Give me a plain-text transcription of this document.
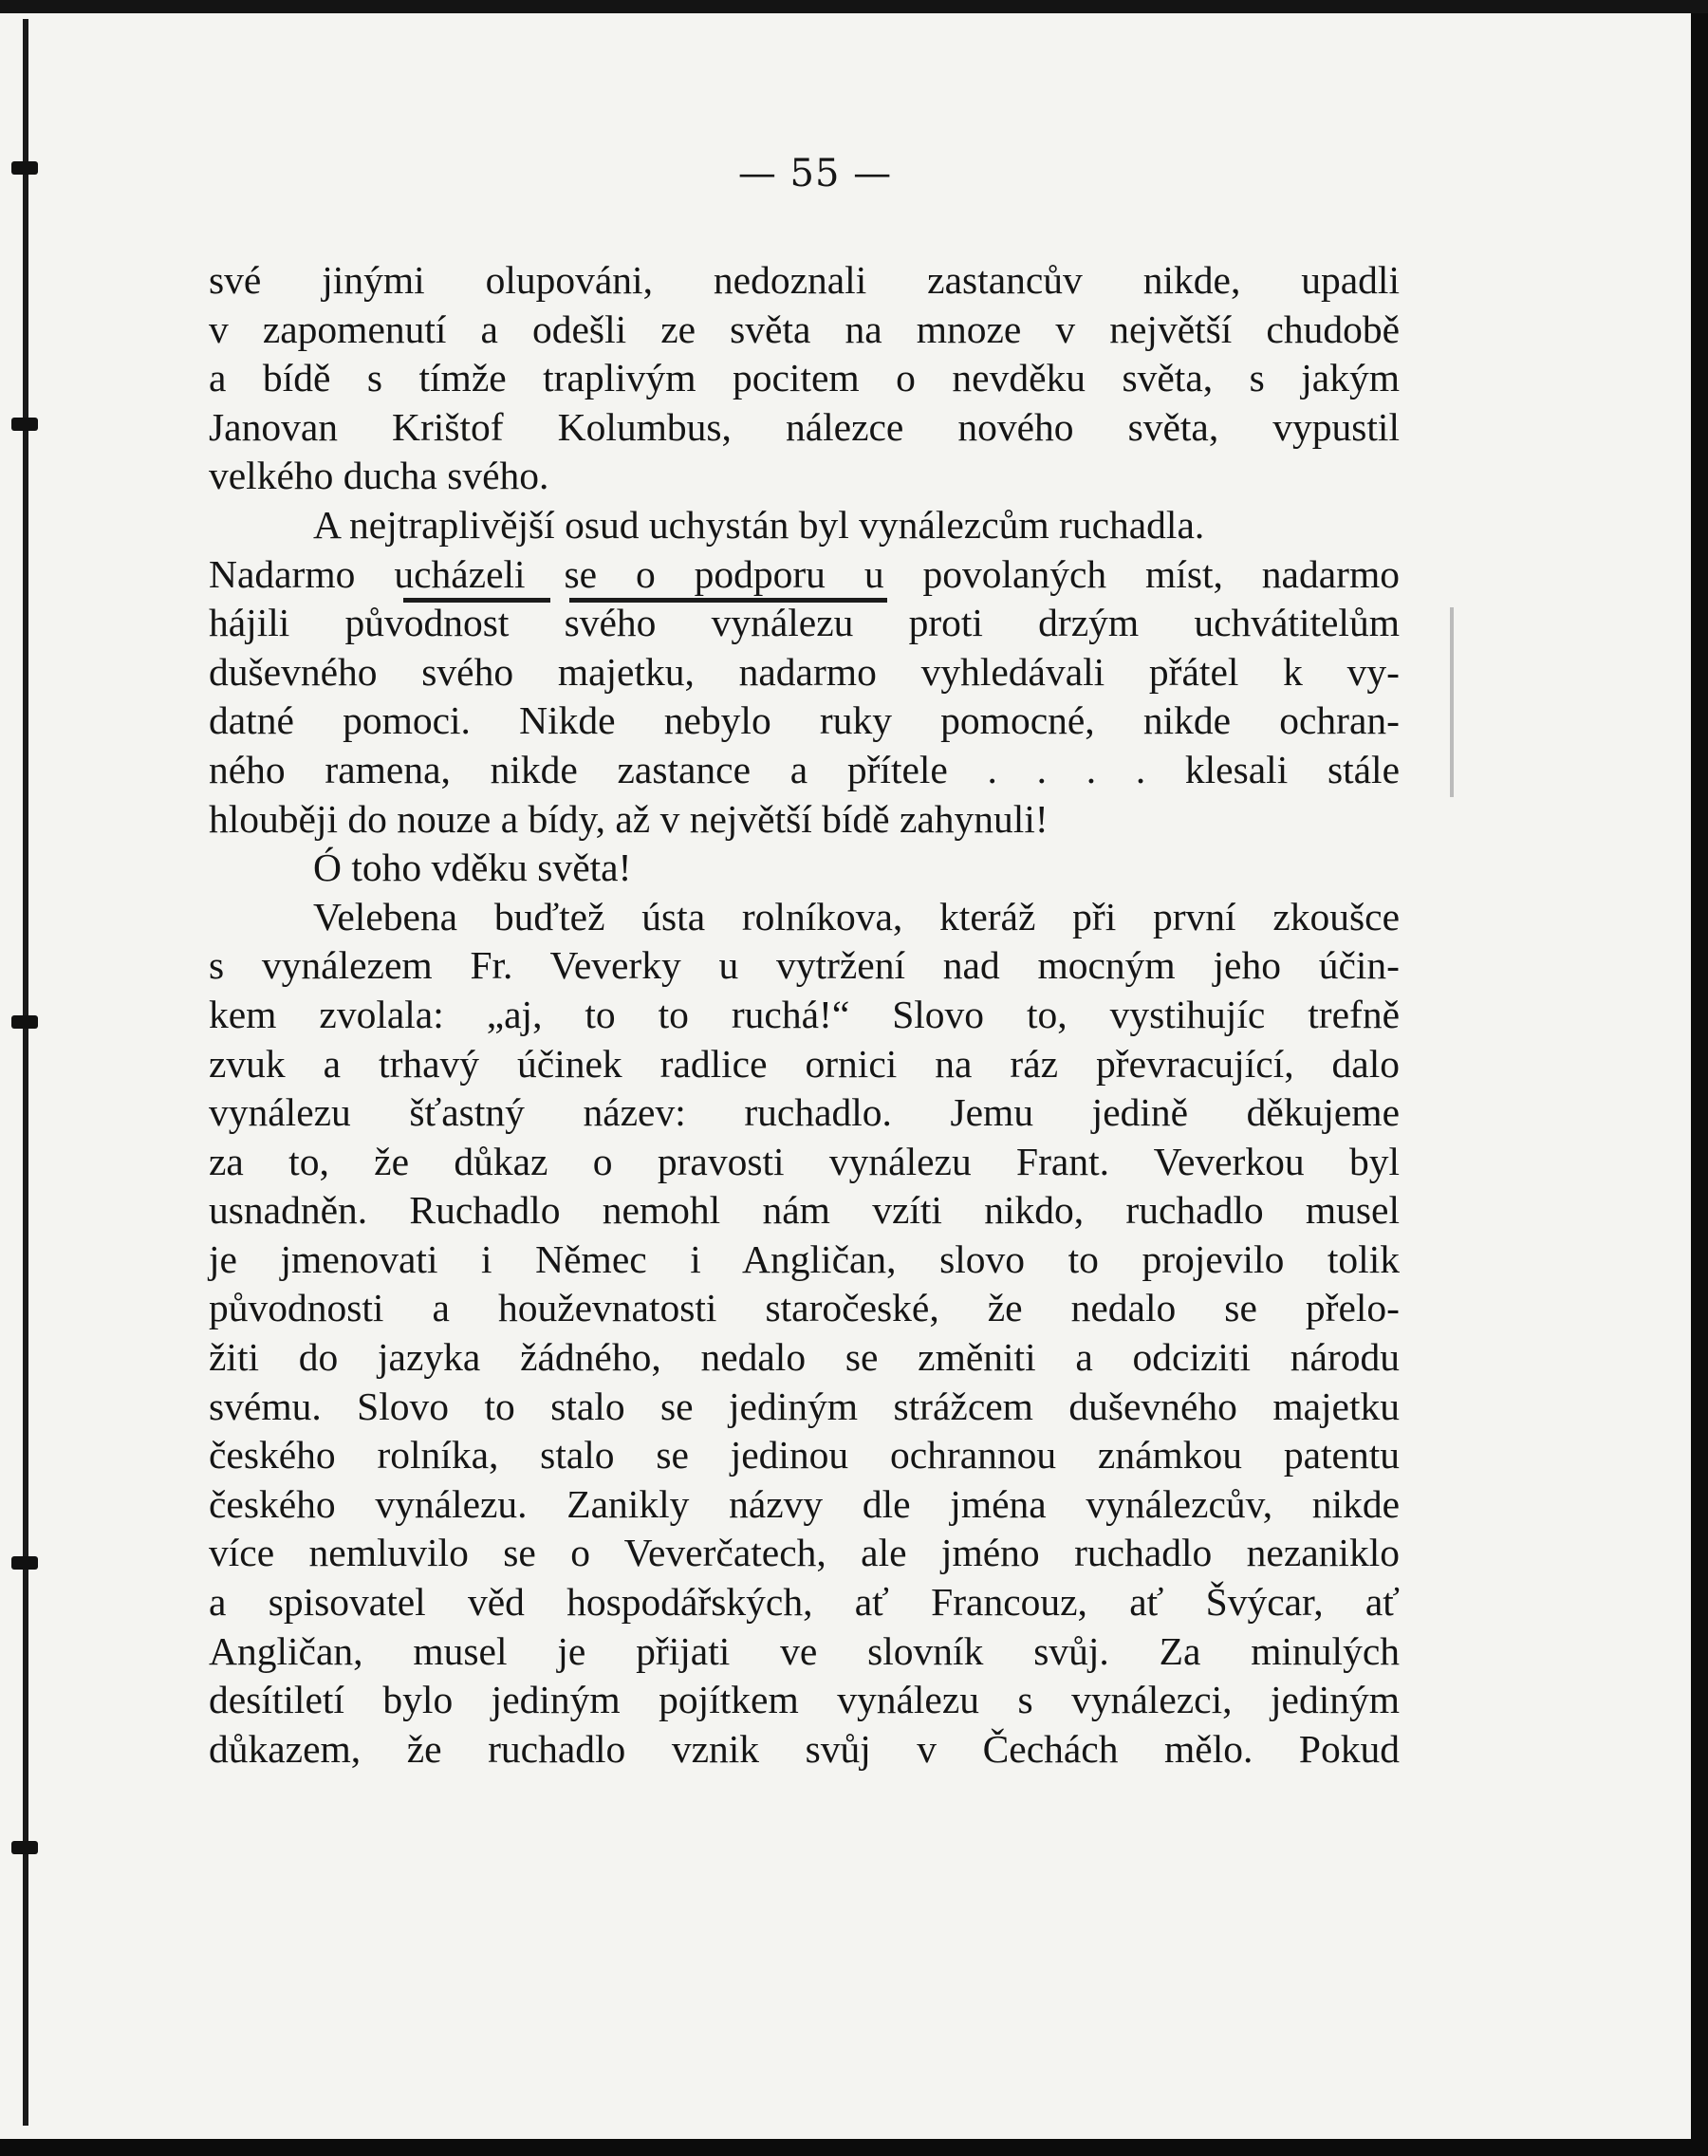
— 55 —
své jinými olupováni, nedoznali zastancův nikde, upadli
v zapomenutí a odešli ze světa na mnoze v největší chudobě
a bídě s tímže traplivým pocitem o nevděku světa, s jakým
Janovan Krištof Kolumbus, nálezce nového světa, vypustil
velkého ducha svého.
A nejtraplivější osud uchystán byl vynálezcům ruchadla.
Nadarmo ucházeli se o podporu u povolaných míst, nadarmo
hájili původnost svého vynálezu proti drzým uchvátitelům
duševného svého majetku, nadarmo vyhledávali přátel k vy-
datné pomoci. Nikde nebylo ruky pomocné, nikde ochran-
ného ramena, nikde zastance a přítele . . . . klesali stále
hlouběji do nouze a bídy, až v největší bídě zahynuli!
Ó toho vděku světa!
Velebena buďtež ústa rolníkova, kteráž při první zkoušce
s vynálezem Fr. Veverky u vytržení nad mocným jeho účin-
kem zvolala: „aj, to to ruchá!“ Slovo to, vystihujíc trefně
zvuk a trhavý účinek radlice ornici na ráz převracující, dalo
vynálezu šťastný název: ruchadlo. Jemu jedině děkujeme
za to, že důkaz o pravosti vynálezu Frant. Veverkou byl
usnadněn. Ruchadlo nemohl nám vzíti nikdo, ruchadlo musel
je jmenovati i Němec i Angličan, slovo to projevilo tolik
původnosti a houževnatosti staročeské, že nedalo se přelo-
žiti do jazyka žádného, nedalo se změniti a odciziti národu
svému. Slovo to stalo se jediným strážcem duševného majetku
českého rolníka, stalo se jedinou ochrannou známkou patentu
českého vynálezu. Zanikly názvy dle jména vynálezcův, nikde
více nemluvilo se o Veverčatech, ale jméno ruchadlo nezaniklo
a spisovatel věd hospodářských, ať Francouz, ať Švýcar, ať
Angličan, musel je přijati ve slovník svůj. Za minulých
desítiletí bylo jediným pojítkem vynálezu s vynálezci, jediným
důkazem, že ruchadlo vznik svůj v Čechách mělo. Pokud
